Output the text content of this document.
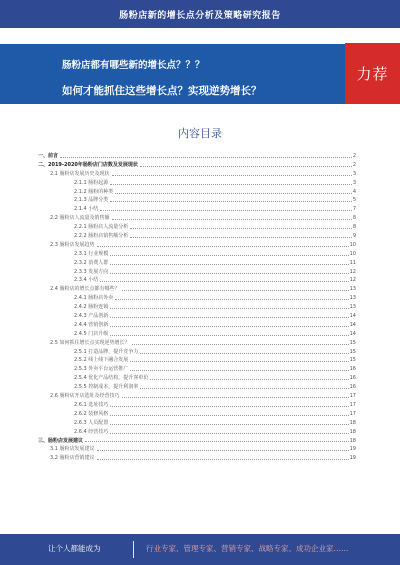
肠粉店新的增长点分析及策略研究报告
肠粉店都有哪些新的增长点？？？
如何才能抓住这些增长点？实现逆势增长？
力荐
内容目录
一、前言	2
二、2019-2020年肠粉店门店数及发展现状	2
2.1 肠粉店发展历史及现状	3
2.1.1 肠粉起源	3
2.1.2 肠粉的种类	4
2.1.3 品牌分类	5
2.1.4 小结	7
2.2 肠粉店人流量及销售额	8
2.2.1 肠粉店人流量分析	8
2.2.2 肠粉店销售额分析	9
2.3 肠粉店发展趋势	10
2.3.1 行业规模	10
2.3.2 消费人群	11
2.3.3 发展方向	12
2.3.4 小结	12
2.4 肠粉店的增长点都有哪些？	13
2.4.1 肠粉店外卖	13
2.4.2 肠粉连锁	13
2.4.3 产品创新	14
2.4.4 营销创新	14
2.4.5 门店升级	14
2.5 如何抓住增长点实现逆势增长？	15
2.5.1 打造品牌，提升竞争力	15
2.5.2 线上线下融合发展	15
2.5.3 外卖平台运营推广	16
2.5.4 优化产品结构，提升客单价	16
2.5.5 控制成本，提升利润率	16
2.6 肠粉店开店选址及经营技巧	17
2.6.1 选址技巧	17
2.6.2 装修风格	17
2.6.3 人员配置	18
2.6.4 经营技巧	18
三、肠粉店发展建议	18
3.1 肠粉店发展建议	19
3.2 肠粉店营销建议	19
让个人都能成为	行业专家、管理专家、营销专家、战略专家、成功企业家……
